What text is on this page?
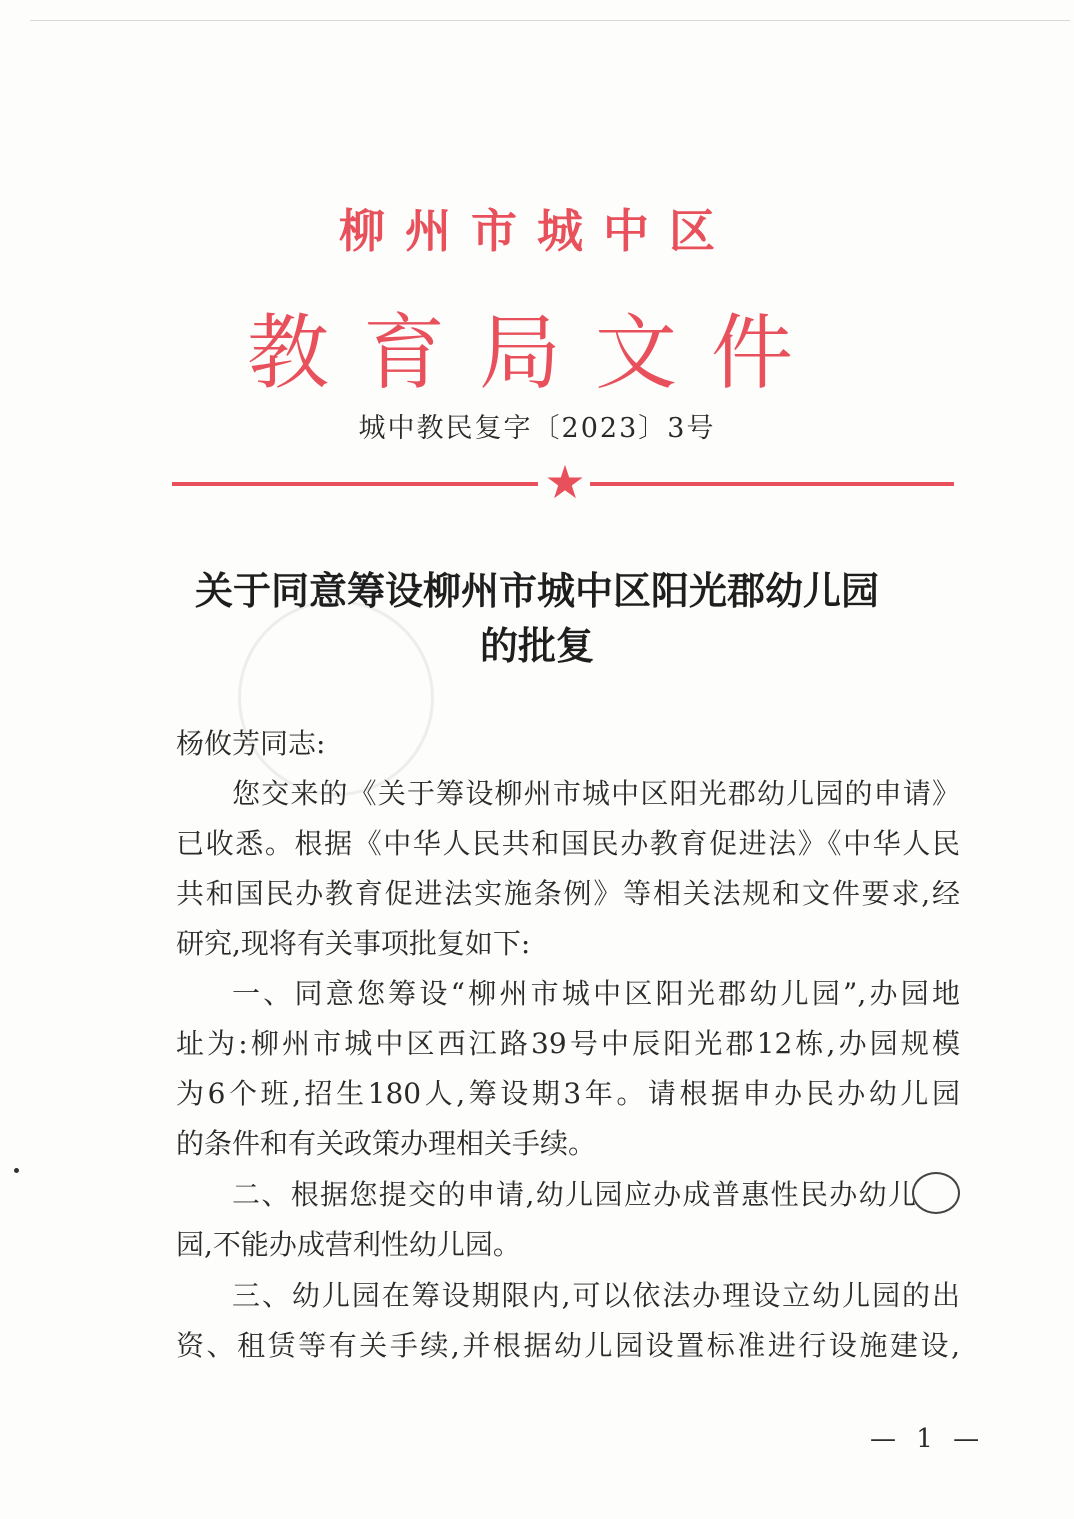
柳州市城中区
教育局文件
城中教民复字〔2023〕3号
★
关于同意筹设柳州市城中区阳光郡幼儿园
的批复
杨攸芳同志:
您交来的《关于筹设柳州市城中区阳光郡幼儿园的申请》
已收悉。根据《中华人民共和国民办教育促进法》《中华人民
共和国民办教育促进法实施条例》等相关法规和文件要求,经
研究,现将有关事项批复如下:
一、同意您筹设“柳州市城中区阳光郡幼儿园”,办园地
址为:柳州市城中区西江路39号中辰阳光郡12栋,办园规模
为6个班,招生180人,筹设期3年。请根据申办民办幼儿园
的条件和有关政策办理相关手续。
二、根据您提交的申请,幼儿园应办成普惠性民办幼儿
园,不能办成营利性幼儿园。
三、幼儿园在筹设期限内,可以依法办理设立幼儿园的出
资、租赁等有关手续,并根据幼儿园设置标准进行设施建设,
— 1 —
